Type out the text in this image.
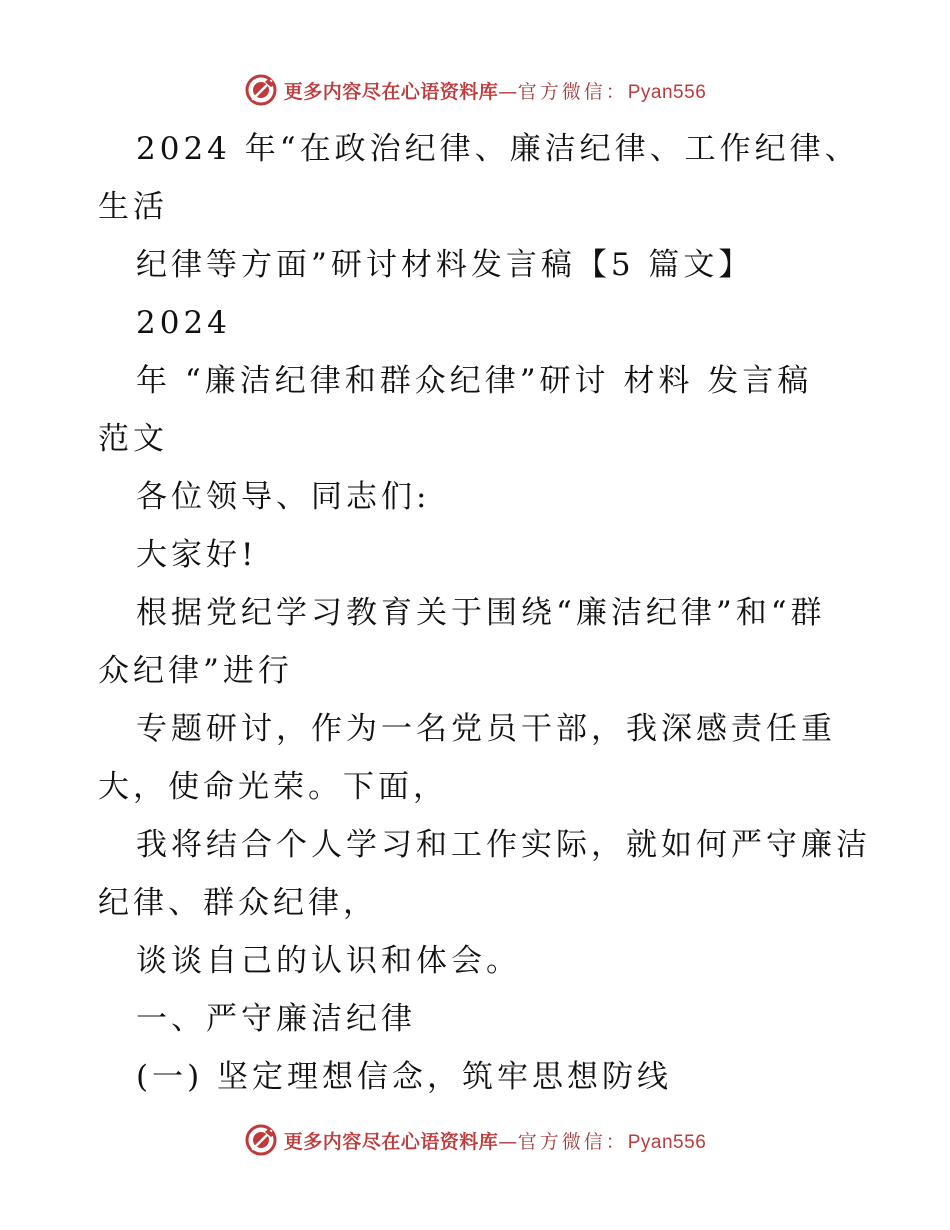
更多内容尽在心语资料库—官方微信：Pyan556
2024 年“在政治纪律、廉洁纪律、工作纪律、
生活
纪律等方面”研讨材料发言稿【5 篇文】
2024
年 “廉洁纪律和群众纪律”研讨 材料 发言稿
范文
各位领导、同志们:
大家好!
根据党纪学习教育关于围绕“廉洁纪律”和“群
众纪律”进行
专题研讨，作为一名党员干部，我深感责任重
大，使命光荣。下面，
我将结合个人学习和工作实际，就如何严守廉洁
纪律、群众纪律，
谈谈自己的认识和体会。
一、严守廉洁纪律
(一) 坚定理想信念，筑牢思想防线
更多内容尽在心语资料库—官方微信：Pyan556
